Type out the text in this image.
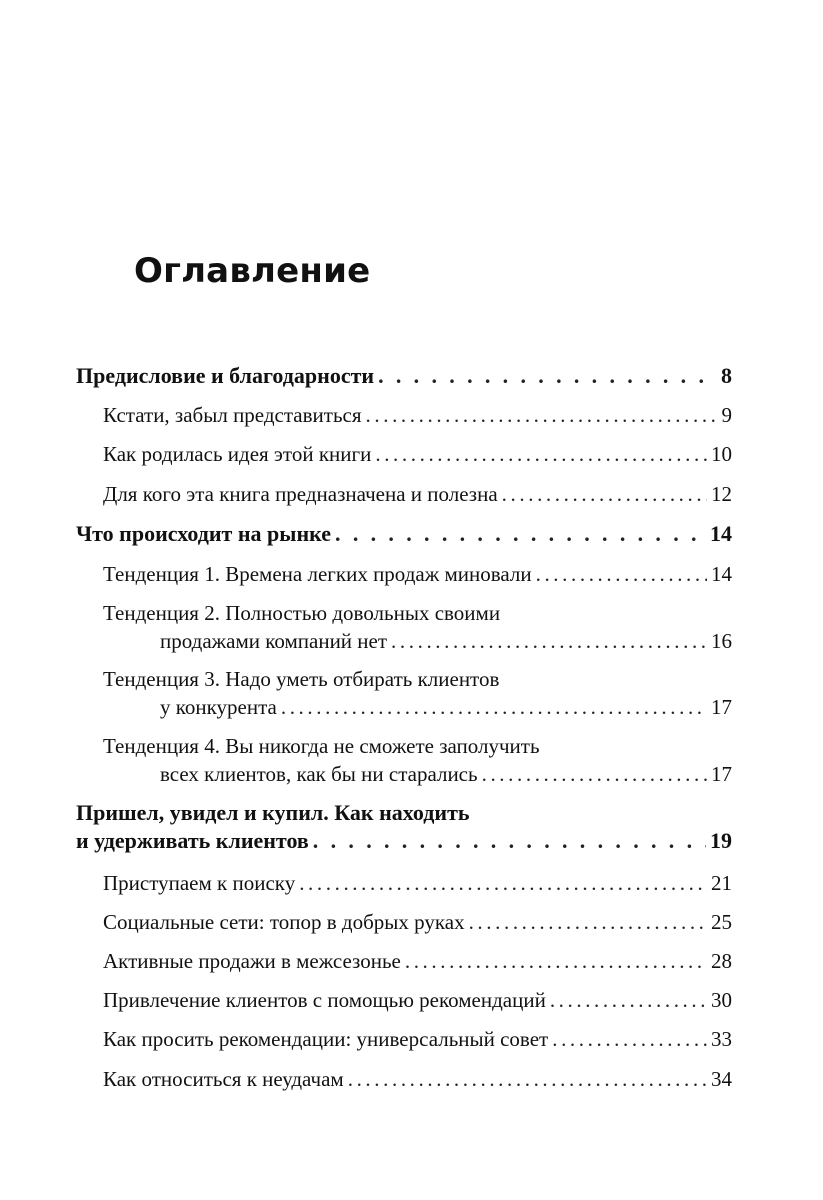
Оглавление
Предисловие и благодарности . . .	8
Кстати, забыл представиться .....	9
Как родилась идея этой книги .....	10
Для кого эта книга предназначена и полезна .....	12
Что происходит на рынке . . .	14
Тенденция 1. Времена легких продаж миновали .....	14
Тенденция 2. Полностью довольных своими
продажами компаний нет .....	16
Тенденция 3. Надо уметь отбирать клиентов
у конкурента .....	17
Тенденция 4. Вы никогда не сможете заполучить
всех клиентов, как бы ни старались .....	17
Пришел, увидел и купил. Как находить
и удерживать клиентов . . .	19
Приступаем к поиску .....	21
Социальные сети: топор в добрых руках .....	25
Активные продажи в межсезонье .....	28
Привлечение клиентов с помощью рекомендаций .....	30
Как просить рекомендации: универсальный совет .....	33
Как относиться к неудачам .....	34
